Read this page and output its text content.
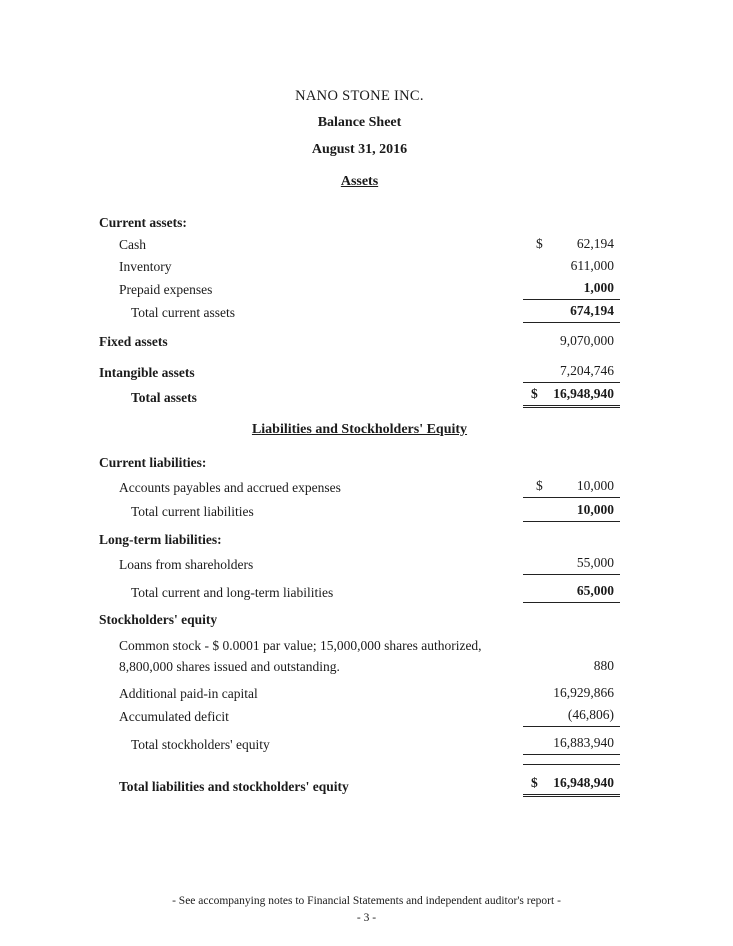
NANO STONE INC.
Balance Sheet
August 31, 2016
Assets
Current assets:
Cash	$	62,194
Inventory	611,000
Prepaid expenses	1,000
Total current assets	674,194
Fixed assets	9,070,000
Intangible assets	7,204,746
Total assets	$	16,948,940
Liabilities and Stockholders' Equity
Current liabilities:
Accounts payables and accrued expenses	$	10,000
Total current liabilities	10,000
Long-term liabilities:
Loans from shareholders	55,000
Total current and long-term liabilities	65,000
Stockholders' equity
Common stock - $ 0.0001 par value; 15,000,000 shares authorized,
8,800,000 shares issued and outstanding.	880
Additional paid-in capital	16,929,866
Accumulated deficit	(46,806)
Total stockholders' equity	16,883,940
Total liabilities and stockholders' equity	$	16,948,940
- See accompanying notes to Financial Statements and independent auditor's report -
- 3 -
